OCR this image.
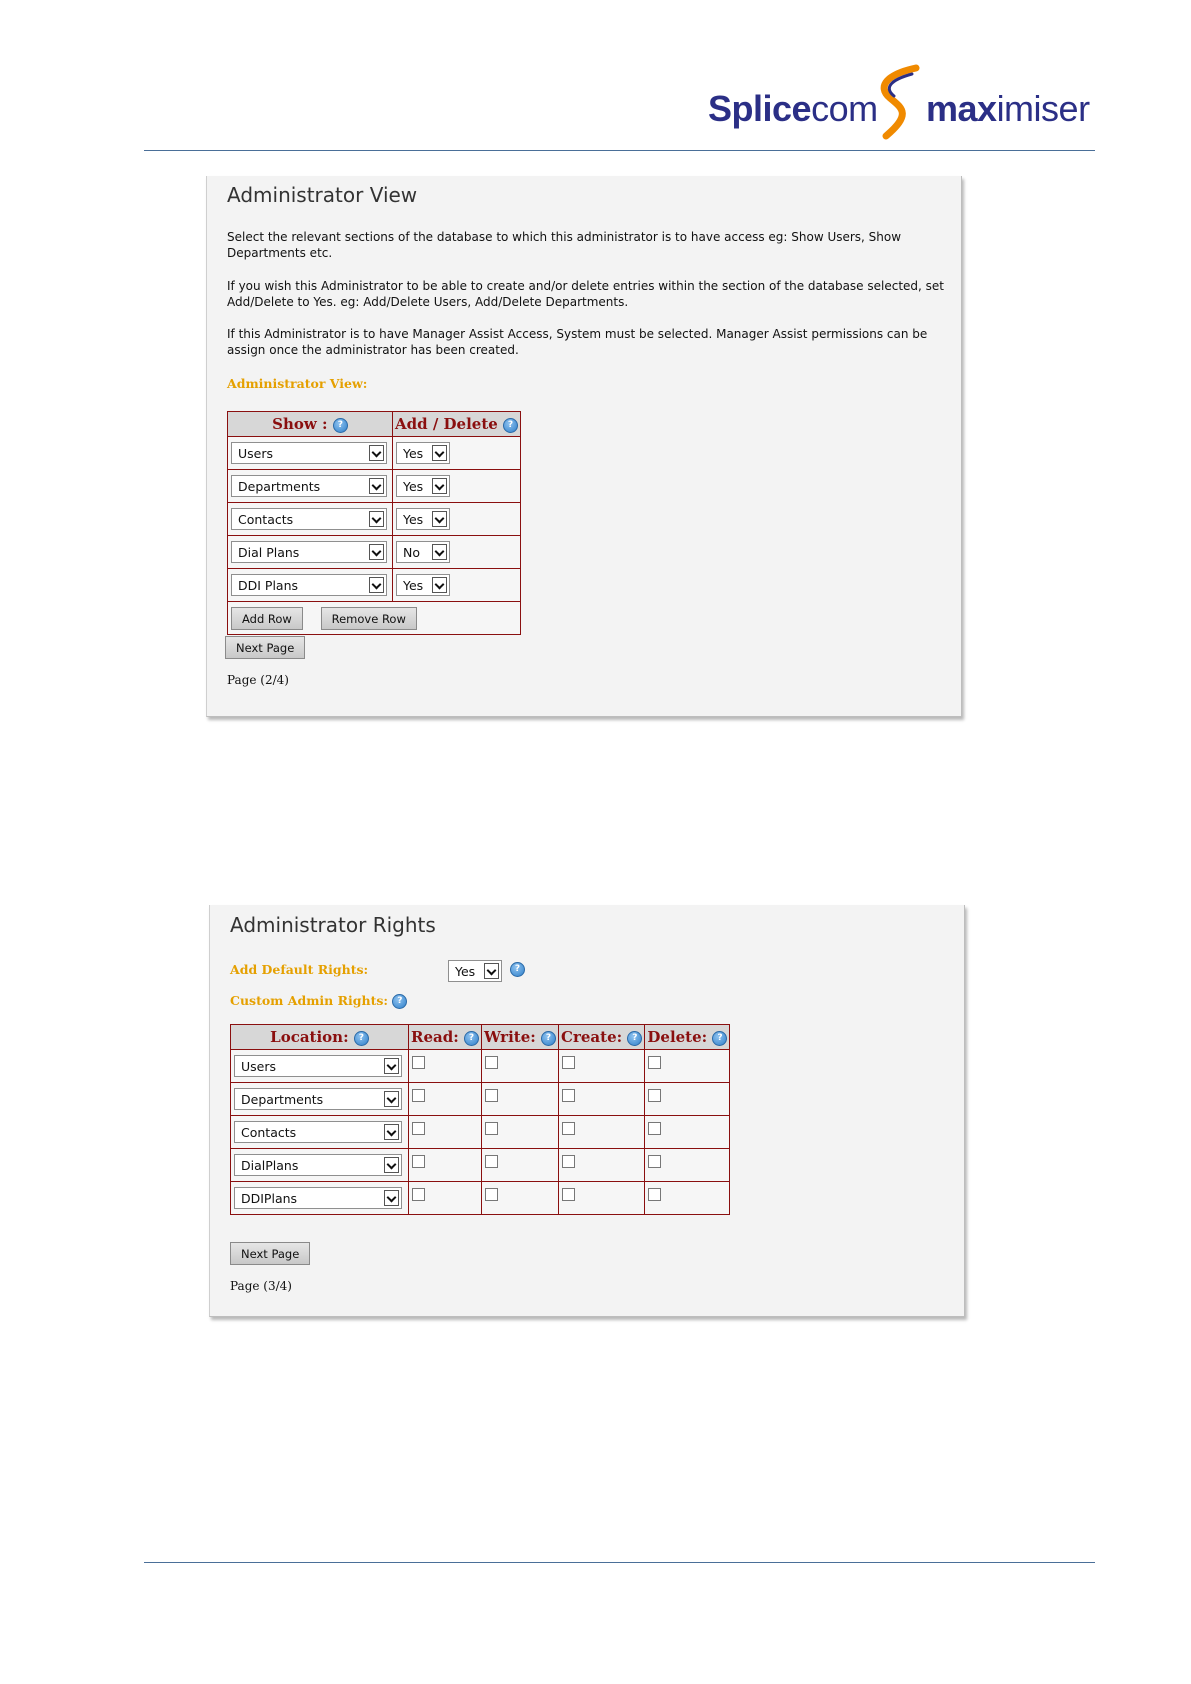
Splicecom maximiser
Administrator View
Select the relevant sections of the database to which this administrator is to have access eg: Show Users, Show Departments etc.
If you wish this Administrator to be able to create and/or delete entries within the section of the database selected, set Add/Delete to Yes. eg: Add/Delete Users, Add/Delete Departments.
If this Administrator is to have Manager Assist Access, System must be selected. Manager Assist permissions can be assign once the administrator has been created.
Administrator View:
Show : ?	Add / Delete ?
Users	Yes

Departments	Yes

Contacts	Yes

Dial Plans	No

DDI Plans	Yes

Add Row Remove Row	
Next Page
Page (2/4)
Administrator Rights
Add Default Rights:	Yes	?
Custom Admin Rights: ?
Location: ?	Read: ?	Write: ?	Create: ?	Delete: ?
Users

Departments

Contacts

DialPlans

DDIPlans

Next Page
Page (3/4)
